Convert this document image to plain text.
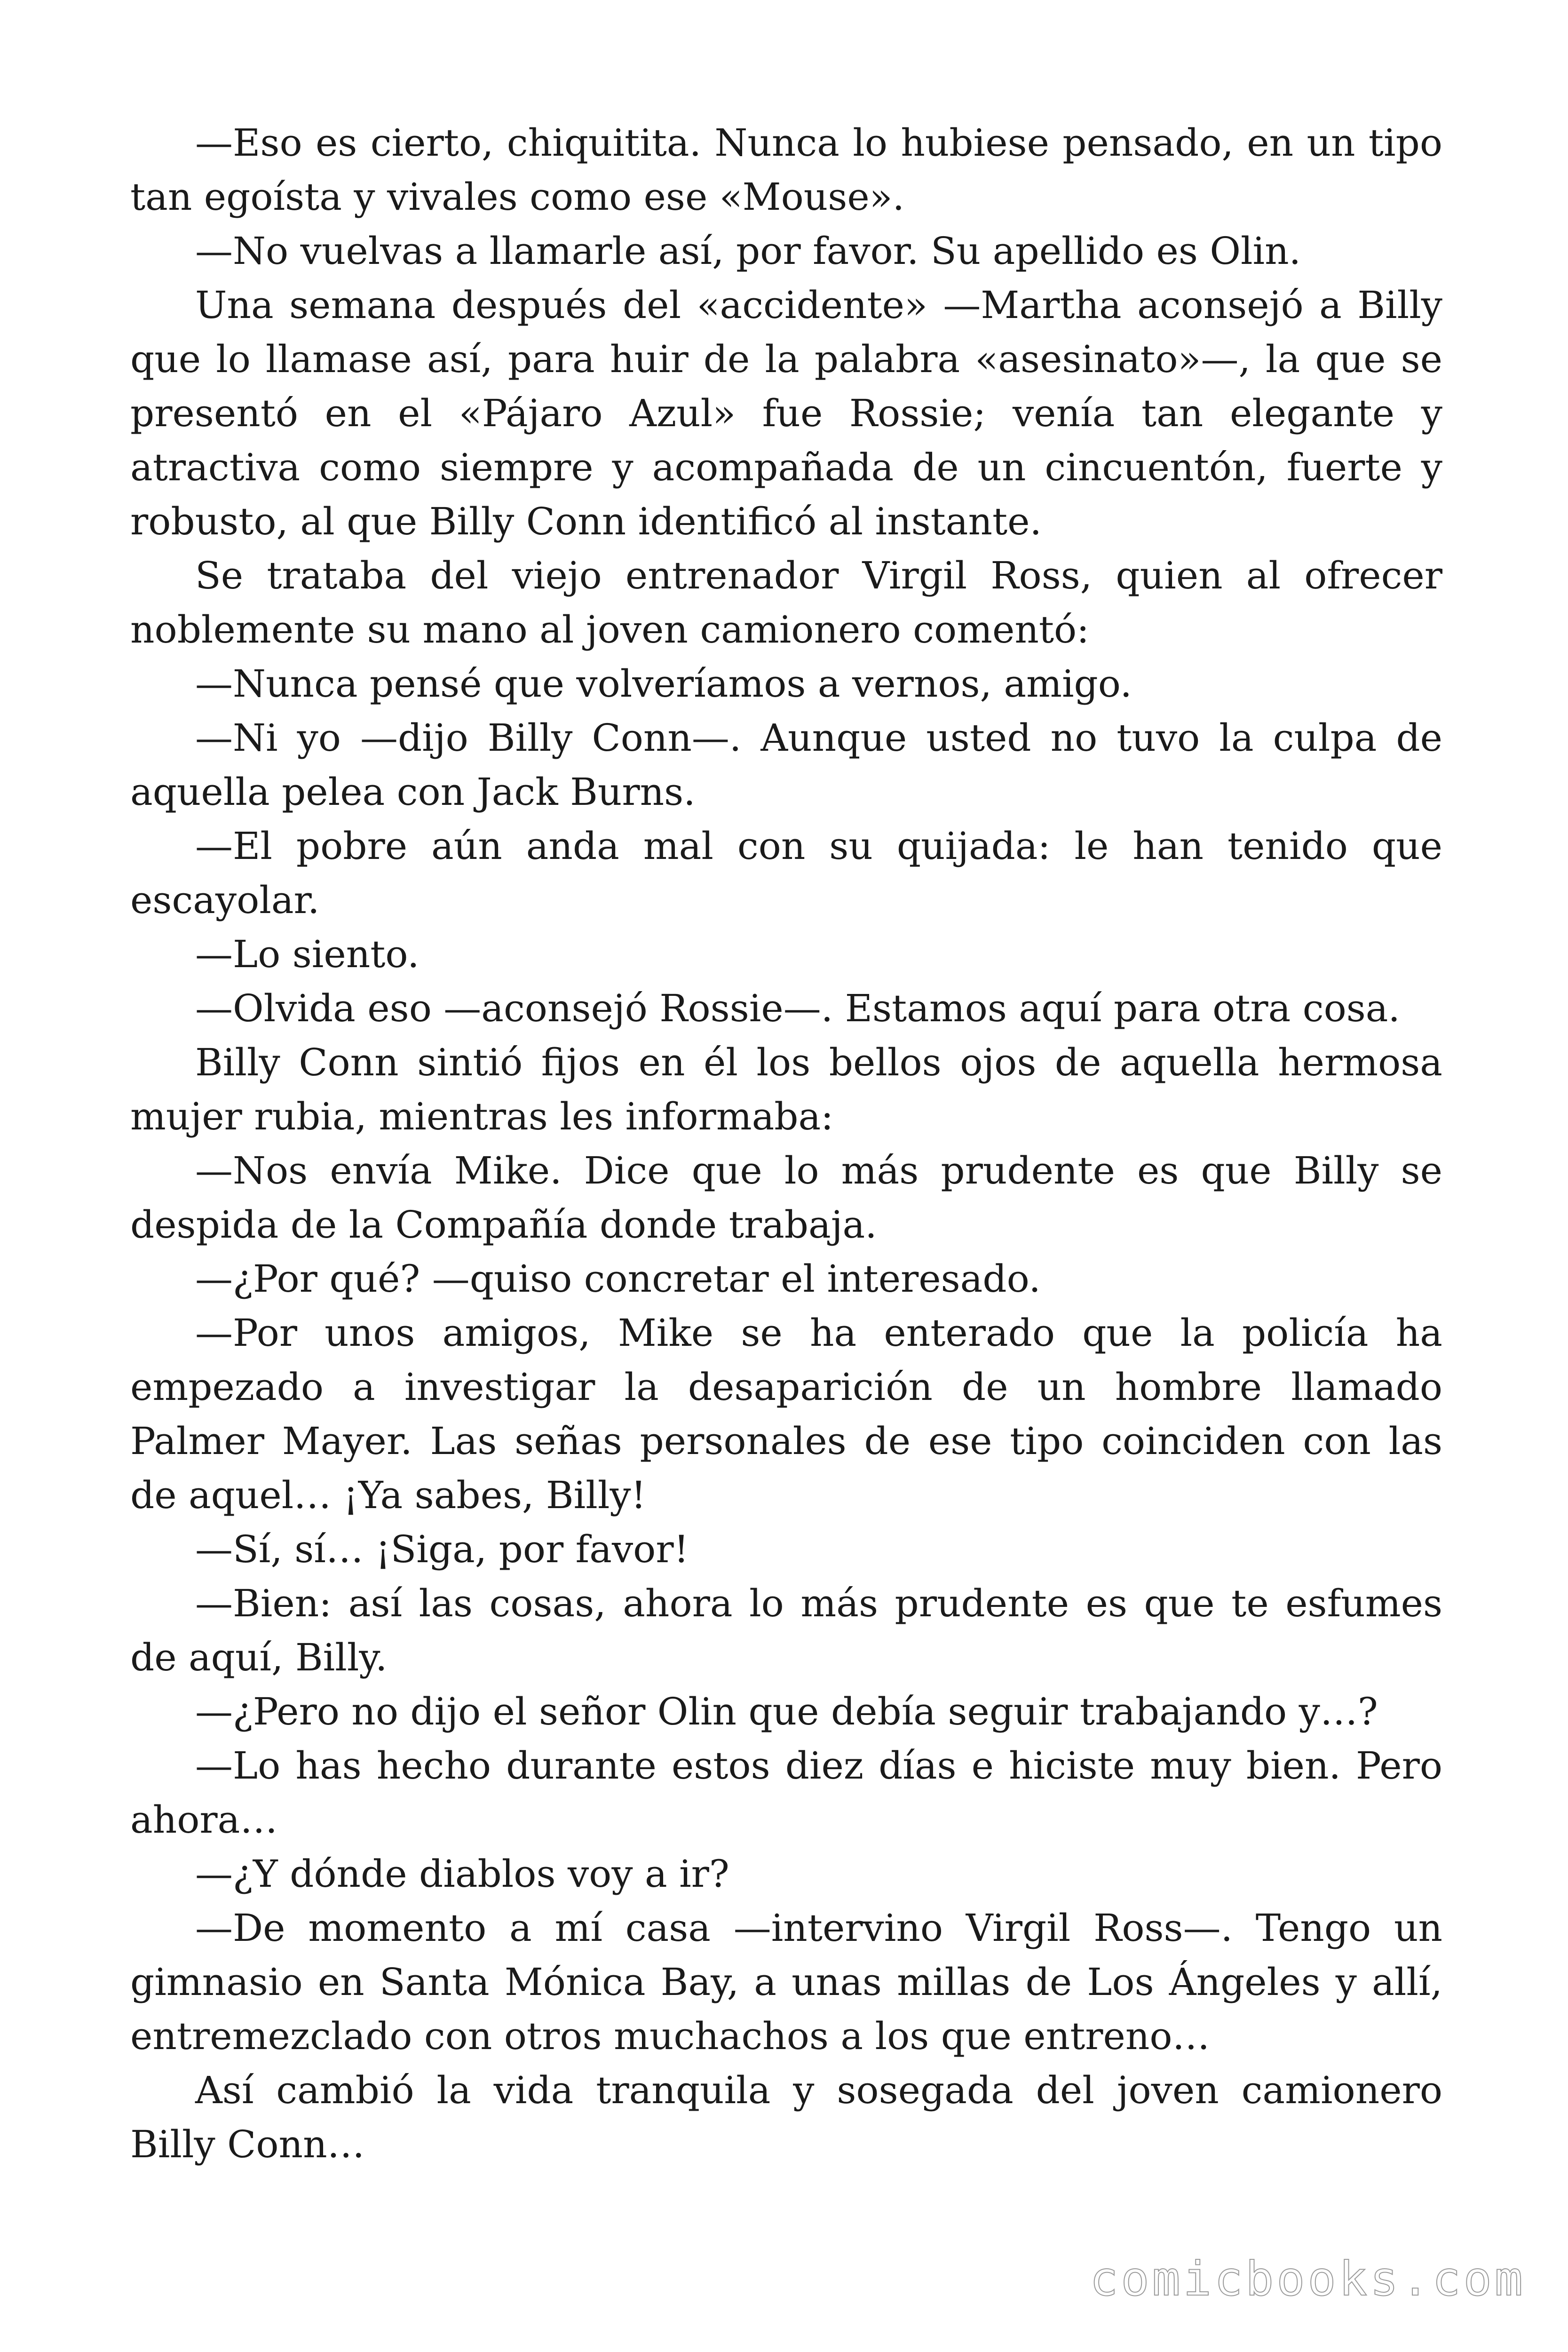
—Eso es cierto, chiquitita. Nunca lo hubiese pensado, en un tipo tan egoísta y vivales como ese «Mouse».

—No vuelvas a llamarle así, por favor. Su apellido es Olin.

Una semana después del «accidente» —Martha aconsejó a Billy que lo llamase así, para huir de la palabra «asesinato»—, la que se presentó en el «Pájaro Azul» fue Rossie; venía tan elegante y atractiva como siempre y acompañada de un cincuentón, fuerte y robusto, al que Billy Conn identificó al instante.

Se trataba del viejo entrenador Virgil Ross, quien al ofrecer noblemente su mano al joven camionero comentó:

—Nunca pensé que volveríamos a vernos, amigo.

—Ni yo —dijo Billy Conn—. Aunque usted no tuvo la culpa de aquella pelea con Jack Burns.

—El pobre aún anda mal con su quijada: le han tenido que escayolar.

—Lo siento.

—Olvida eso —aconsejó Rossie—. Estamos aquí para otra cosa.

Billy Conn sintió fijos en él los bellos ojos de aquella hermosa mujer rubia, mientras les informaba:

—Nos envía Mike. Dice que lo más prudente es que Billy se despida de la Compañía donde trabaja.

—¿Por qué? —quiso concretar el interesado.

—Por unos amigos, Mike se ha enterado que la policía ha empezado a investigar la desaparición de un hombre llamado Palmer Mayer. Las señas personales de ese tipo coinciden con las de aquel… ¡Ya sabes, Billy!

—Sí, sí… ¡Siga, por favor!

—Bien: así las cosas, ahora lo más prudente es que te esfumes de aquí, Billy.

—¿Pero no dijo el señor Olin que debía seguir trabajando y…?

—Lo has hecho durante estos diez días e hiciste muy bien. Pero ahora…

—¿Y dónde diablos voy a ir?

—De momento a mí casa —intervino Virgil Ross—. Tengo un gimnasio en Santa Mónica Bay, a unas millas de Los Ángeles y allí, entremezclado con otros muchachos a los que entreno…

Así cambió la vida tranquila y sosegada del joven camionero Billy Conn…

comicbooks.com
